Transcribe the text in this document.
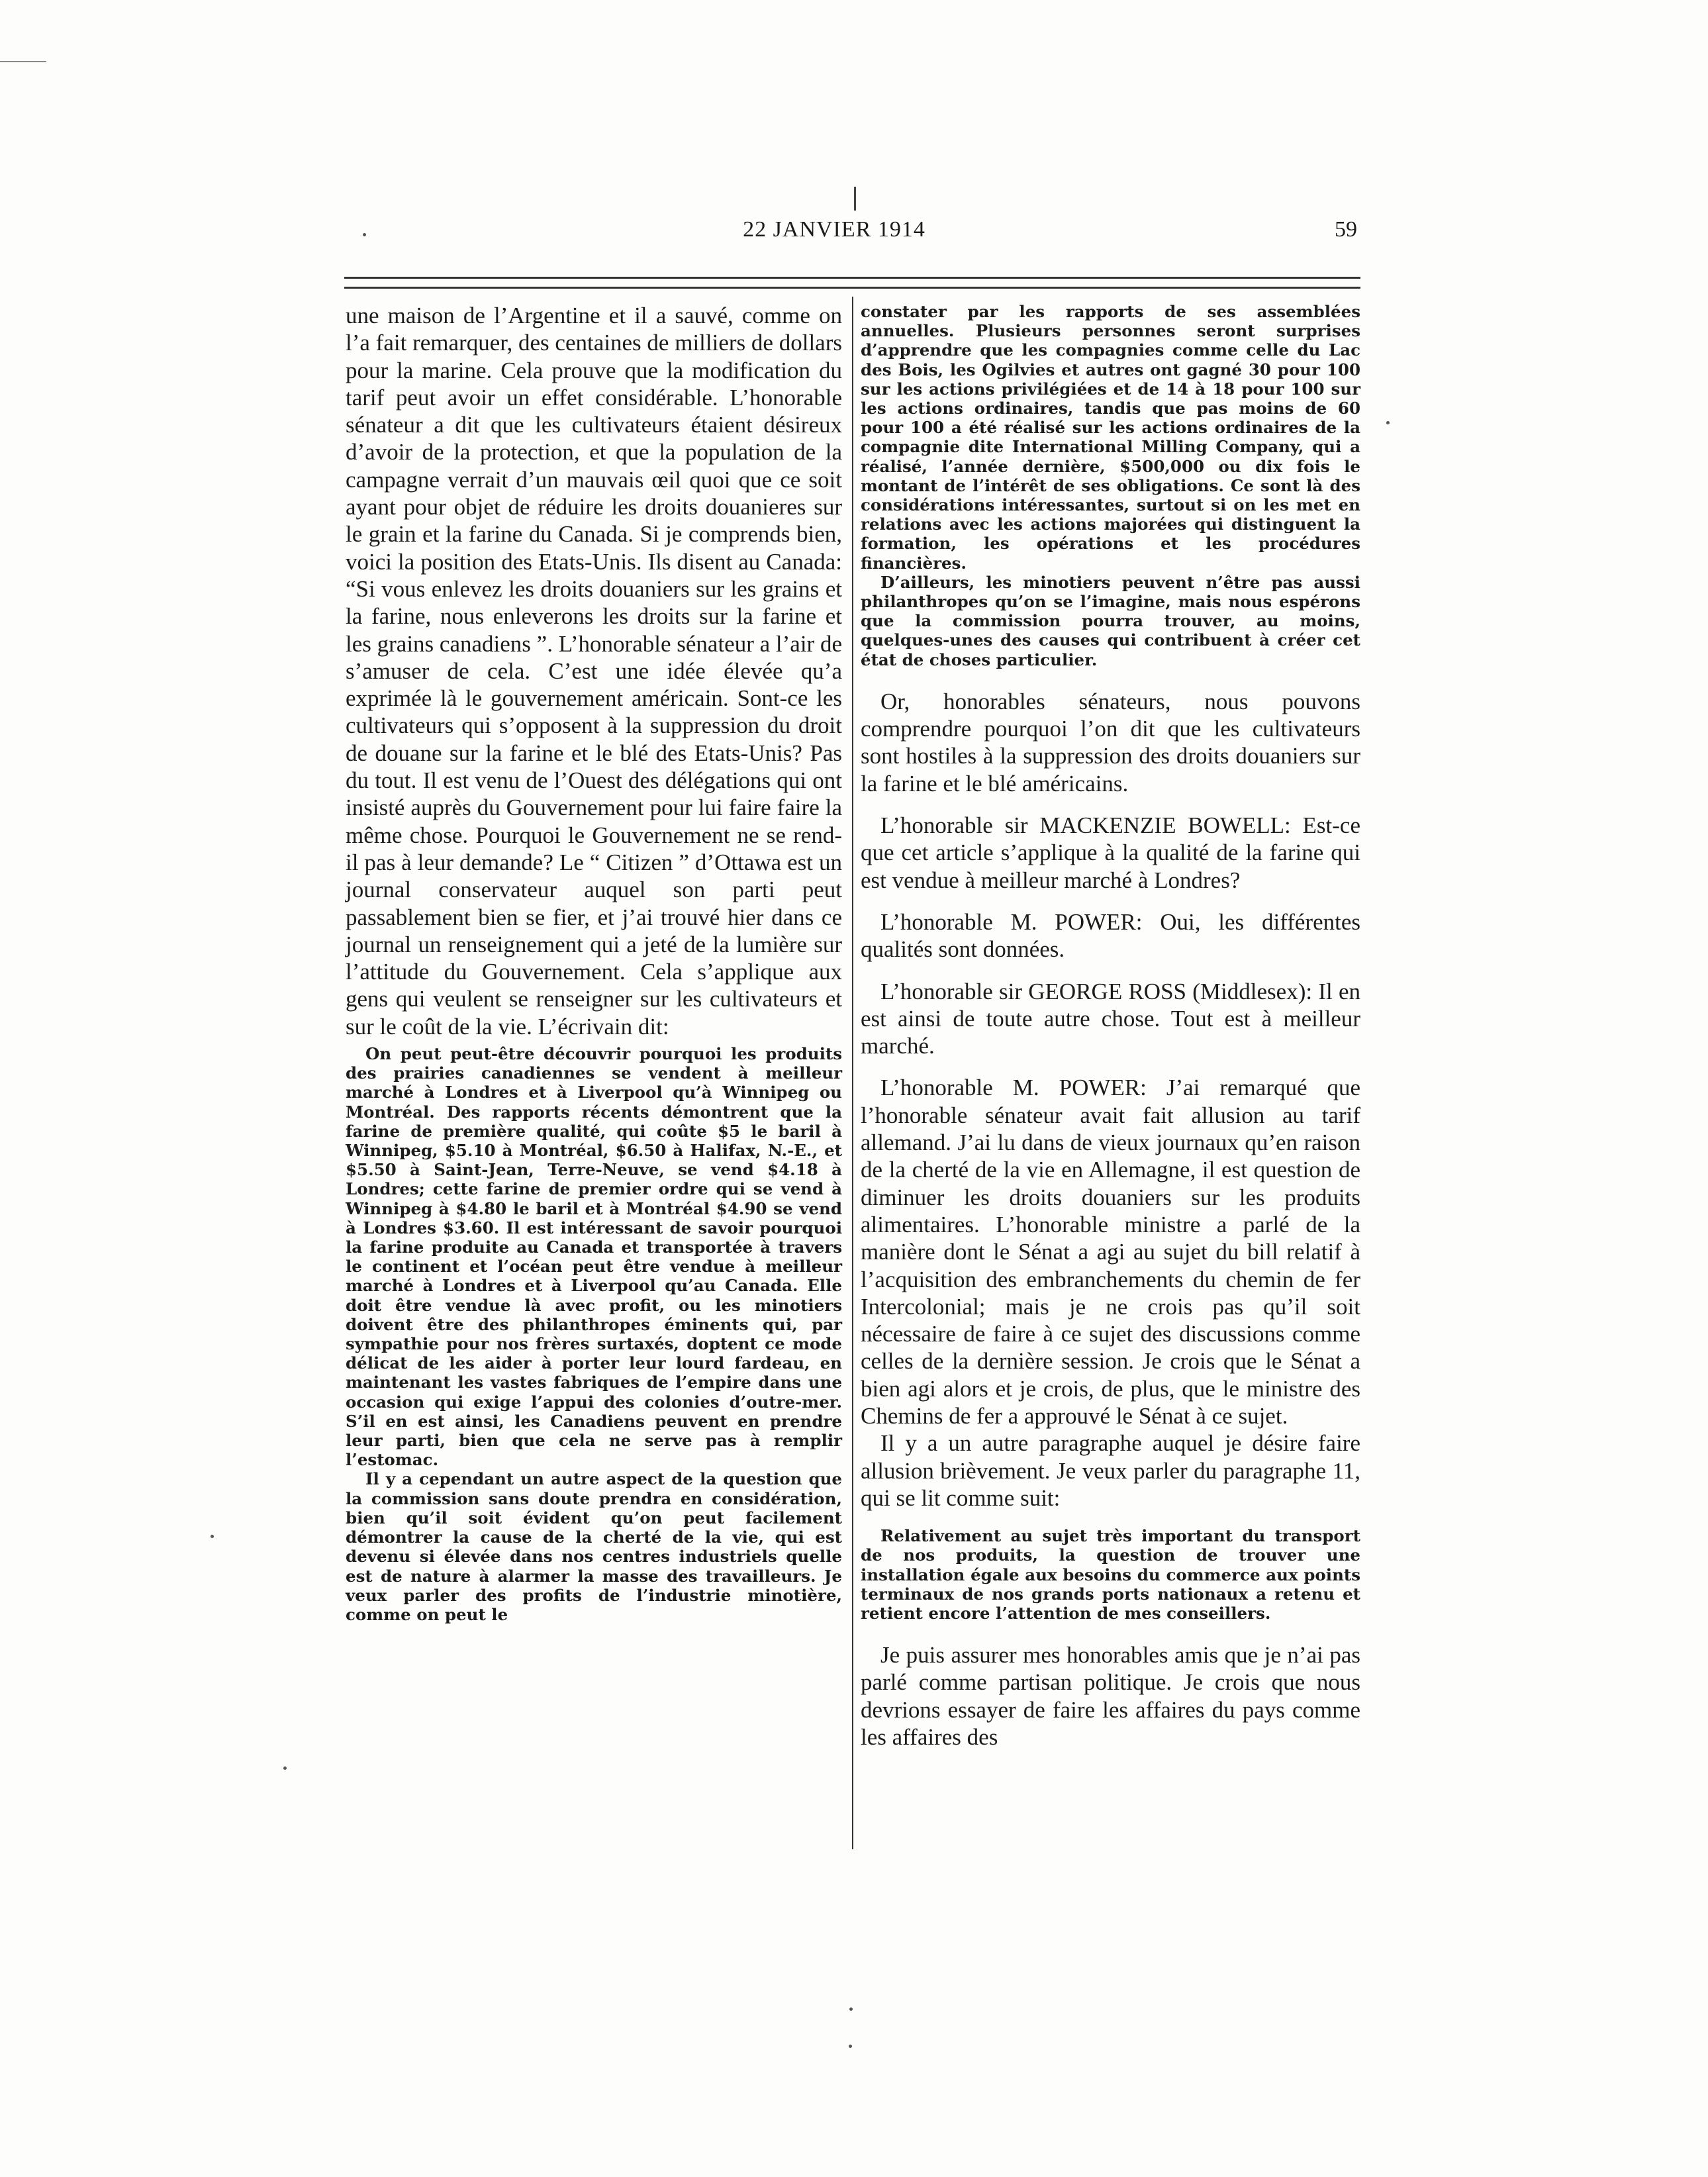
22 JANVIER 1914	59

une maison de l’Argentine et il a sauvé, comme on l’a fait remarquer, des centaines de milliers de dollars pour la marine. Cela prouve que la modification du tarif peut avoir un effet considérable. L’honorable sénateur a dit que les cultivateurs étaient désireux d’avoir de la protection, et que la population de la campagne verrait d’un mauvais œil quoi que ce soit ayant pour objet de réduire les droits douanieres sur le grain et la farine du Canada. Si je comprends bien, voici la position des Etats-Unis. Ils disent au Canada: “Si vous enlevez les droits douaniers sur les grains et la farine, nous enleverons les droits sur la farine et les grains canadiens ”. L’honorable sénateur a l’air de s’amuser de cela. C’est une idée élevée qu’a exprimée là le gouvernement américain. Sont-ce les cultivateurs qui s’opposent à la suppression du droit de douane sur la farine et le blé des Etats-Unis? Pas du tout. Il est venu de l’Ouest des délégations qui ont insisté auprès du Gouvernement pour lui faire faire la même chose. Pourquoi le Gouvernement ne se rend-il pas à leur demande? Le “ Citizen ” d’Ottawa est un journal conservateur auquel son parti peut passablement bien se fier, et j’ai trouvé hier dans ce journal un renseignement qui a jeté de la lumière sur l’attitude du Gouvernement. Cela s’applique aux gens qui veulent se renseigner sur les cultivateurs et sur le coût de la vie. L’écrivain dit:

On peut peut-être découvrir pourquoi les produits des prairies canadiennes se vendent à meilleur marché à Londres et à Liverpool qu’à Winnipeg ou Montréal. Des rapports récents démontrent que la farine de première qualité, qui coûte $5 le baril à Winnipeg, $5.10 à Montréal, $6.50 à Halifax, N.-E., et $5.50 à Saint-Jean, Terre-Neuve, se vend $4.18 à Londres; cette farine de premier ordre qui se vend à Winnipeg à $4.80 le baril et à Montréal $4.90 se vend à Londres $3.60. Il est intéressant de savoir pourquoi la farine produite au Canada et transportée à travers le continent et l’océan peut être vendue à meilleur marché à Londres et à Liverpool qu’au Canada. Elle doit être vendue là avec profit, ou les minotiers doivent être des philanthropes éminents qui, par sympathie pour nos frères surtaxés, doptent ce mode délicat de les aider à porter leur lourd fardeau, en maintenant les vastes fabriques de l’empire dans une occasion qui exige l’appui des colonies d’outre-mer. S’il en est ainsi, les Canadiens peuvent en prendre leur parti, bien que cela ne serve pas à remplir l’estomac.

Il y a cependant un autre aspect de la question que la commission sans doute prendra en considération, bien qu’il soit évident qu’on peut facilement démontrer la cause de la cherté de la vie, qui est devenu si élevée dans nos centres industriels quelle est de nature à alarmer la masse des travailleurs. Je veux parler des profits de l’industrie minotière, comme on peut le

constater par les rapports de ses assemblées annuelles. Plusieurs personnes seront surprises d’apprendre que les compagnies comme celle du Lac des Bois, les Ogilvies et autres ont gagné 30 pour 100 sur les actions privilégiées et de 14 à 18 pour 100 sur les actions ordinaires, tandis que pas moins de 60 pour 100 a été réalisé sur les actions ordinaires de la compagnie dite International Milling Company, qui a réalisé, l’année dernière, $500,000 ou dix fois le montant de l’intérêt de ses obligations. Ce sont là des considérations intéressantes, surtout si on les met en relations avec les actions majorées qui distinguent la formation, les opérations et les procédures financières.

D’ailleurs, les minotiers peuvent n’être pas aussi philanthropes qu’on se l’imagine, mais nous espérons que la commission pourra trouver, au moins, quelques-unes des causes qui contribuent à créer cet état de choses particulier.

Or, honorables sénateurs, nous pouvons comprendre pourquoi l’on dit que les cultivateurs sont hostiles à la suppression des droits douaniers sur la farine et le blé américains.

L’honorable sir MACKENZIE BOWELL: Est-ce que cet article s’applique à la qualité de la farine qui est vendue à meilleur marché à Londres?

L’honorable M. POWER: Oui, les différentes qualités sont données.

L’honorable sir GEORGE ROSS (Middlesex): Il en est ainsi de toute autre chose. Tout est à meilleur marché.

L’honorable M. POWER: J’ai remarqué que l’honorable sénateur avait fait allusion au tarif allemand. J’ai lu dans de vieux journaux qu’en raison de la cherté de la vie en Allemagne, il est question de diminuer les droits douaniers sur les produits alimentaires. L’honorable ministre a parlé de la manière dont le Sénat a agi au sujet du bill relatif à l’acquisition des embranchements du chemin de fer Intercolonial; mais je ne crois pas qu’il soit nécessaire de faire à ce sujet des discussions comme celles de la dernière session. Je crois que le Sénat a bien agi alors et je crois, de plus, que le ministre des Chemins de fer a approuvé le Sénat à ce sujet.

Il y a un autre paragraphe auquel je désire faire allusion brièvement. Je veux parler du paragraphe 11, qui se lit comme suit:

Relativement au sujet très important du transport de nos produits, la question de trouver une installation égale aux besoins du commerce aux points terminaux de nos grands ports nationaux a retenu et retient encore l’attention de mes conseillers.

Je puis assurer mes honorables amis que je n’ai pas parlé comme partisan politique. Je crois que nous devrions essayer de faire les affaires du pays comme les affaires des
